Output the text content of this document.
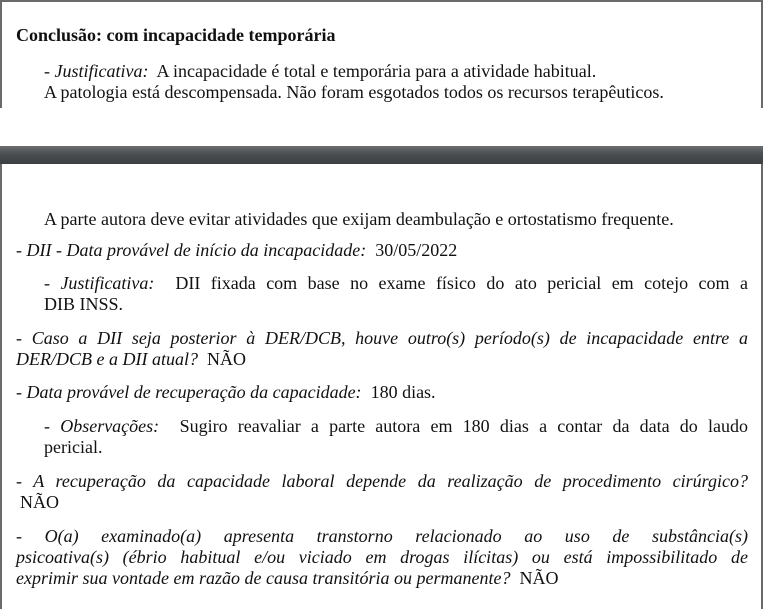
Conclusão: com incapacidade temporária
- Justificativa: A incapacidade é total e temporária para a atividade habitual.
A patologia está descompensada. Não foram esgotados todos os recursos terapêuticos.
A parte autora deve evitar atividades que exijam deambulação e ortostatismo frequente.
- DII - Data provável de início da incapacidade: 30/05/2022
- Justificativa: DII fixada com base no exame físico do ato pericial em cotejo com a
DIB INSS.
- Caso a DII seja posterior à DER/DCB, houve outro(s) período(s) de incapacidade entre a
DER/DCB e a DII atual? NÃO
- Data provável de recuperação da capacidade: 180 dias.
- Observações: Sugiro reavaliar a parte autora em 180 dias a contar da data do laudo
pericial.
- A recuperação da capacidade laboral depende da realização de procedimento cirúrgico?
NÃO
- O(a) examinado(a) apresenta transtorno relacionado ao uso de substância(s)
psicoativa(s) (ébrio habitual e/ou viciado em drogas ilícitas) ou está impossibilitado de
exprimir sua vontade em razão de causa transitória ou permanente? NÃO
